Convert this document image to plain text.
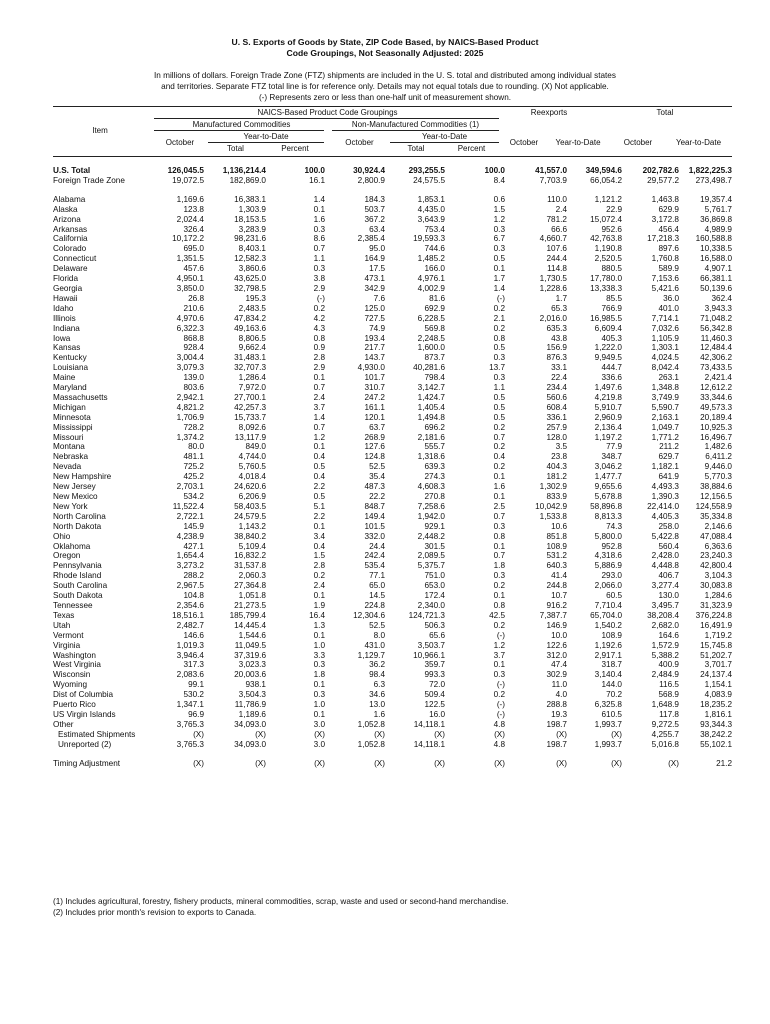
U. S. Exports of Goods by State, ZIP Code Based, by NAICS-Based Product
Code Groupings, Not Seasonally Adjusted: 2025
In millions of dollars. Foreign Trade Zone (FTZ) shipments are included in the U. S. total and distributed among individual states
and territories. Separate FTZ total line is for reference only. Details may not equal totals due to rounding. (X) Not applicable.
(-) Represents zero or less than one-half unit of measurement shown.
NAICS-Based Product Code Groupings	Reexports	Total
Manufactured Commodities	Non-Manufactured Commodities (1)
Item
Year-to-Date	Year-to-Date
October	October	October	Year-to-Date	October	Year-to-Date
Total	Percent	Total	Percent
U.S. Total	126,045.5	1,136,214.4	100.0	30,924.4	293,255.5	100.0	41,557.0	349,594.6	202,782.6	1,822,225.3
Foreign Trade Zone	19,072.5	182,869.0	16.1	2,800.9	24,575.5	8.4	7,703.9	66,054.2	29,577.2	273,498.7

Alabama	1,169.6	16,383.1	1.4	184.3	1,853.1	0.6	110.0	1,121.2	1,463.8	19,357.4
Alaska	123.8	1,303.9	0.1	503.7	4,435.0	1.5	2.4	22.9	629.9	5,761.7
Arizona	2,024.4	18,153.5	1.6	367.2	3,643.9	1.2	781.2	15,072.4	3,172.8	36,869.8
Arkansas	326.4	3,283.9	0.3	63.4	753.4	0.3	66.6	952.6	456.4	4,989.9
California	10,172.2	98,231.6	8.6	2,385.4	19,593.3	6.7	4,660.7	42,763.8	17,218.3	160,588.8
Colorado	695.0	8,403.1	0.7	95.0	744.6	0.3	107.6	1,190.8	897.6	10,338.5
Connecticut	1,351.5	12,582.3	1.1	164.9	1,485.2	0.5	244.4	2,520.5	1,760.8	16,588.0
Delaware	457.6	3,860.6	0.3	17.5	166.0	0.1	114.8	880.5	589.9	4,907.1
Florida	4,950.1	43,625.0	3.8	473.1	4,976.1	1.7	1,730.5	17,780.0	7,153.6	66,381.1
Georgia	3,850.0	32,798.5	2.9	342.9	4,002.9	1.4	1,228.6	13,338.3	5,421.6	50,139.6
Hawaii	26.8	195.3	(-)	7.6	81.6	(-)	1.7	85.5	36.0	362.4
Idaho	210.6	2,483.5	0.2	125.0	692.9	0.2	65.3	766.9	401.0	3,943.3
Illinois	4,970.6	47,834.2	4.2	727.5	6,228.5	2.1	2,016.0	16,985.5	7,714.1	71,048.2
Indiana	6,322.3	49,163.6	4.3	74.9	569.8	0.2	635.3	6,609.4	7,032.6	56,342.8
Iowa	868.8	8,806.5	0.8	193.4	2,248.5	0.8	43.8	405.3	1,105.9	11,460.3
Kansas	928.4	9,662.4	0.9	217.7	1,600.0	0.5	156.9	1,222.0	1,303.1	12,484.4
Kentucky	3,004.4	31,483.1	2.8	143.7	873.7	0.3	876.3	9,949.5	4,024.5	42,306.2
Louisiana	3,079.3	32,707.3	2.9	4,930.0	40,281.6	13.7	33.1	444.7	8,042.4	73,433.5
Maine	139.0	1,286.4	0.1	101.7	798.4	0.3	22.4	336.6	263.1	2,421.4
Maryland	803.6	7,972.0	0.7	310.7	3,142.7	1.1	234.4	1,497.6	1,348.8	12,612.2
Massachusetts	2,942.1	27,700.1	2.4	247.2	1,424.7	0.5	560.6	4,219.8	3,749.9	33,344.6
Michigan	4,821.2	42,257.3	3.7	161.1	1,405.4	0.5	608.4	5,910.7	5,590.7	49,573.3
Minnesota	1,706.9	15,733.7	1.4	120.1	1,494.8	0.5	336.1	2,960.9	2,163.1	20,189.4
Mississippi	728.2	8,092.6	0.7	63.7	696.2	0.2	257.9	2,136.4	1,049.7	10,925.3
Missouri	1,374.2	13,117.9	1.2	268.9	2,181.6	0.7	128.0	1,197.2	1,771.2	16,496.7
Montana	80.0	849.0	0.1	127.6	555.7	0.2	3.5	77.9	211.2	1,482.6
Nebraska	481.1	4,744.0	0.4	124.8	1,318.6	0.4	23.8	348.7	629.7	6,411.2
Nevada	725.2	5,760.5	0.5	52.5	639.3	0.2	404.3	3,046.2	1,182.1	9,446.0
New Hampshire	425.2	4,018.4	0.4	35.4	274.3	0.1	181.2	1,477.7	641.9	5,770.3
New Jersey	2,703.1	24,620.6	2.2	487.3	4,608.3	1.6	1,302.9	9,655.6	4,493.3	38,884.6
New Mexico	534.2	6,206.9	0.5	22.2	270.8	0.1	833.9	5,678.8	1,390.3	12,156.5
New York	11,522.4	58,403.5	5.1	848.7	7,258.6	2.5	10,042.9	58,896.8	22,414.0	124,558.9
North Carolina	2,722.1	24,579.5	2.2	149.4	1,942.0	0.7	1,533.8	8,813.3	4,405.3	35,334.8
North Dakota	145.9	1,143.2	0.1	101.5	929.1	0.3	10.6	74.3	258.0	2,146.6
Ohio	4,238.9	38,840.2	3.4	332.0	2,448.2	0.8	851.8	5,800.0	5,422.8	47,088.4
Oklahoma	427.1	5,109.4	0.4	24.4	301.5	0.1	108.9	952.8	560.4	6,363.6
Oregon	1,654.4	16,832.2	1.5	242.4	2,089.5	0.7	531.2	4,318.6	2,428.0	23,240.3
Pennsylvania	3,273.2	31,537.8	2.8	535.4	5,375.7	1.8	640.3	5,886.9	4,448.8	42,800.4
Rhode Island	288.2	2,060.3	0.2	77.1	751.0	0.3	41.4	293.0	406.7	3,104.3
South Carolina	2,967.5	27,364.8	2.4	65.0	653.0	0.2	244.8	2,066.0	3,277.4	30,083.8
South Dakota	104.8	1,051.8	0.1	14.5	172.4	0.1	10.7	60.5	130.0	1,284.6
Tennessee	2,354.6	21,273.5	1.9	224.8	2,340.0	0.8	916.2	7,710.4	3,495.7	31,323.9
Texas	18,516.1	185,799.4	16.4	12,304.6	124,721.3	42.5	7,387.7	65,704.0	38,208.4	376,224.8
Utah	2,482.7	14,445.4	1.3	52.5	506.3	0.2	146.9	1,540.2	2,682.0	16,491.9
Vermont	146.6	1,544.6	0.1	8.0	65.6	(-)	10.0	108.9	164.6	1,719.2
Virginia	1,019.3	11,049.5	1.0	431.0	3,503.7	1.2	122.6	1,192.6	1,572.9	15,745.8
Washington	3,946.4	37,319.6	3.3	1,129.7	10,966.1	3.7	312.0	2,917.1	5,388.2	51,202.7
West Virginia	317.3	3,023.3	0.3	36.2	359.7	0.1	47.4	318.7	400.9	3,701.7
Wisconsin	2,083.6	20,003.6	1.8	98.4	993.3	0.3	302.9	3,140.4	2,484.9	24,137.4
Wyoming	99.1	938.1	0.1	6.3	72.0	(-)	11.0	144.0	116.5	1,154.1
Dist of Columbia	530.2	3,504.3	0.3	34.6	509.4	0.2	4.0	70.2	568.9	4,083.9
Puerto Rico	1,347.1	11,786.9	1.0	13.0	122.5	(-)	288.8	6,325.8	1,648.9	18,235.2
US Virgin Islands	96.9	1,189.6	0.1	1.6	16.0	(-)	19.3	610.5	117.8	1,816.1
Other	3,765.3	34,093.0	3.0	1,052.8	14,118.1	4.8	198.7	1,993.7	9,272.5	93,344.3
Estimated Shipments	(X)	(X)	(X)	(X)	(X)	(X)	(X)	(X)	4,255.7	38,242.2
Unreported (2)	3,765.3	34,093.0	3.0	1,052.8	14,118.1	4.8	198.7	1,993.7	5,016.8	55,102.1

Timing Adjustment	(X)	(X)	(X)	(X)	(X)	(X)	(X)	(X)	(X)	21.2
(1) Includes agricultural, forestry, fishery products, mineral commodities, scrap, waste and used or second-hand merchandise.
(2) Includes prior month's revision to exports to Canada.
